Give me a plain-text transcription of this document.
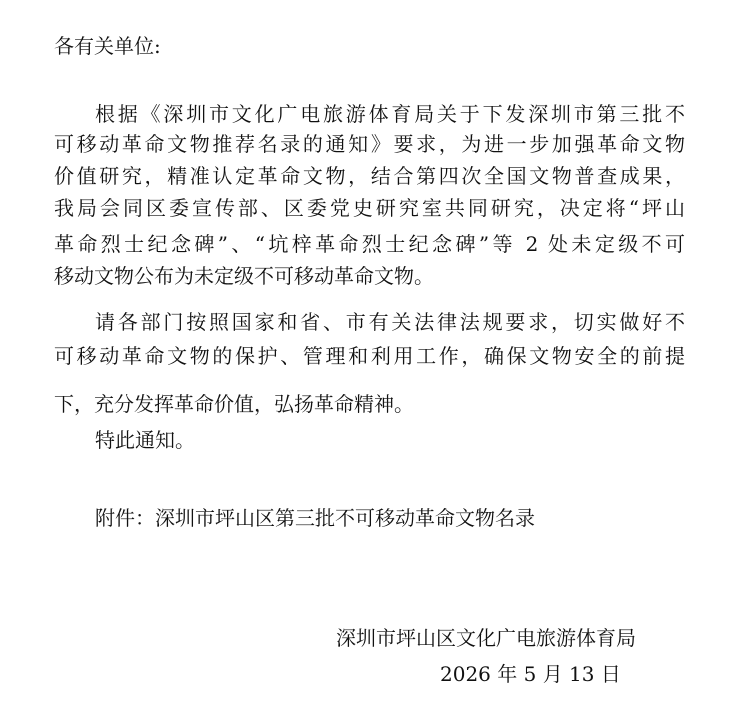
各有关单位:

根据《深圳市文化广电旅游体育局关于下发深圳市第三批不

可移动革命文物推荐名录的通知》要求，为进一步加强革命文物

价值研究，精准认定革命文物，结合第四次全国文物普查成果，

我局会同区委宣传部、区委党史研究室共同研究，决定将“坪山

革命烈士纪念碑”、“坑梓革命烈士纪念碑”等 2 处未定级不可

移动文物公布为未定级不可移动革命文物。

请各部门按照国家和省、市有关法律法规要求，切实做好不

可移动革命文物的保护、管理和利用工作，确保文物安全的前提

下，充分发挥革命价值，弘扬革命精神。

特此通知。

附件：深圳市坪山区第三批不可移动革命文物名录

深圳市坪山区文化广电旅游体育局

2026 年 5 月 13 日
